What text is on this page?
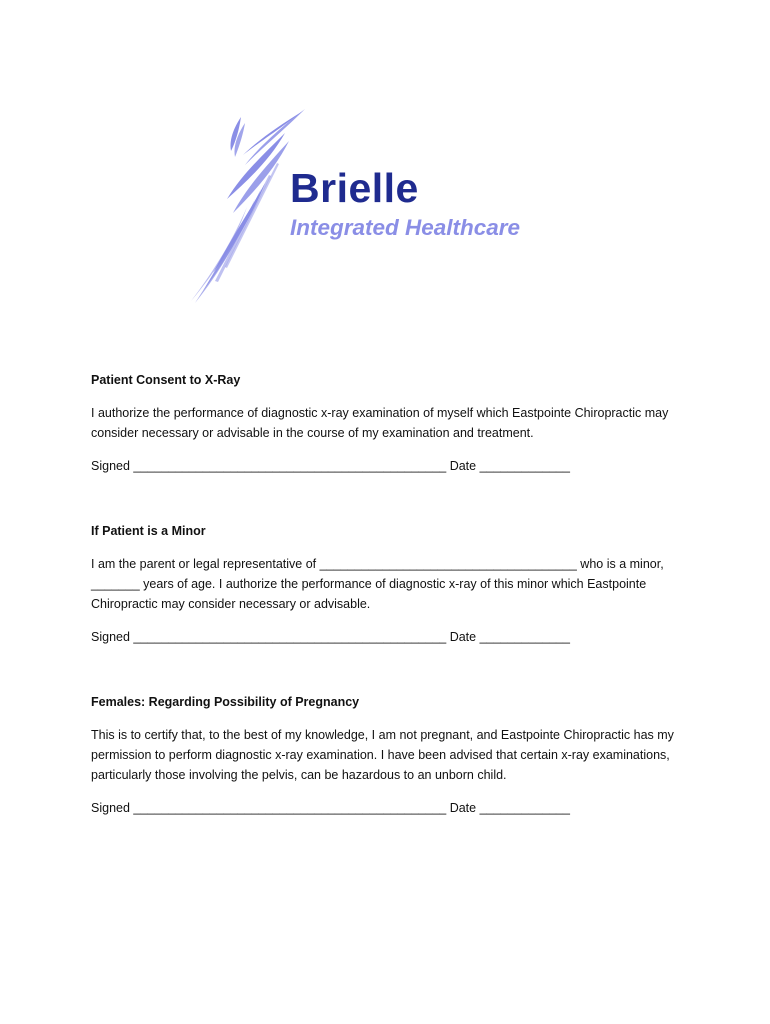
Brielle
Integrated Healthcare
Patient Consent to X-Ray
I authorize the performance of diagnostic x-ray examination of myself which Eastpointe Chiropractic may consider necessary or advisable in the course of my examination and treatment.
Signed _____________________________________________ Date _____________
If Patient is a Minor
I am the parent or legal representative of _____________________________________ who is a minor, _______ years of age. I authorize the performance of diagnostic x-ray of this minor which Eastpointe Chiropractic may consider necessary or advisable.
Signed _____________________________________________ Date _____________
Females: Regarding Possibility of Pregnancy
This is to certify that, to the best of my knowledge, I am not pregnant, and Eastpointe Chiropractic has my permission to perform diagnostic x-ray examination. I have been advised that certain x-ray examinations, particularly those involving the pelvis, can be hazardous to an unborn child.
Signed _____________________________________________ Date _____________
